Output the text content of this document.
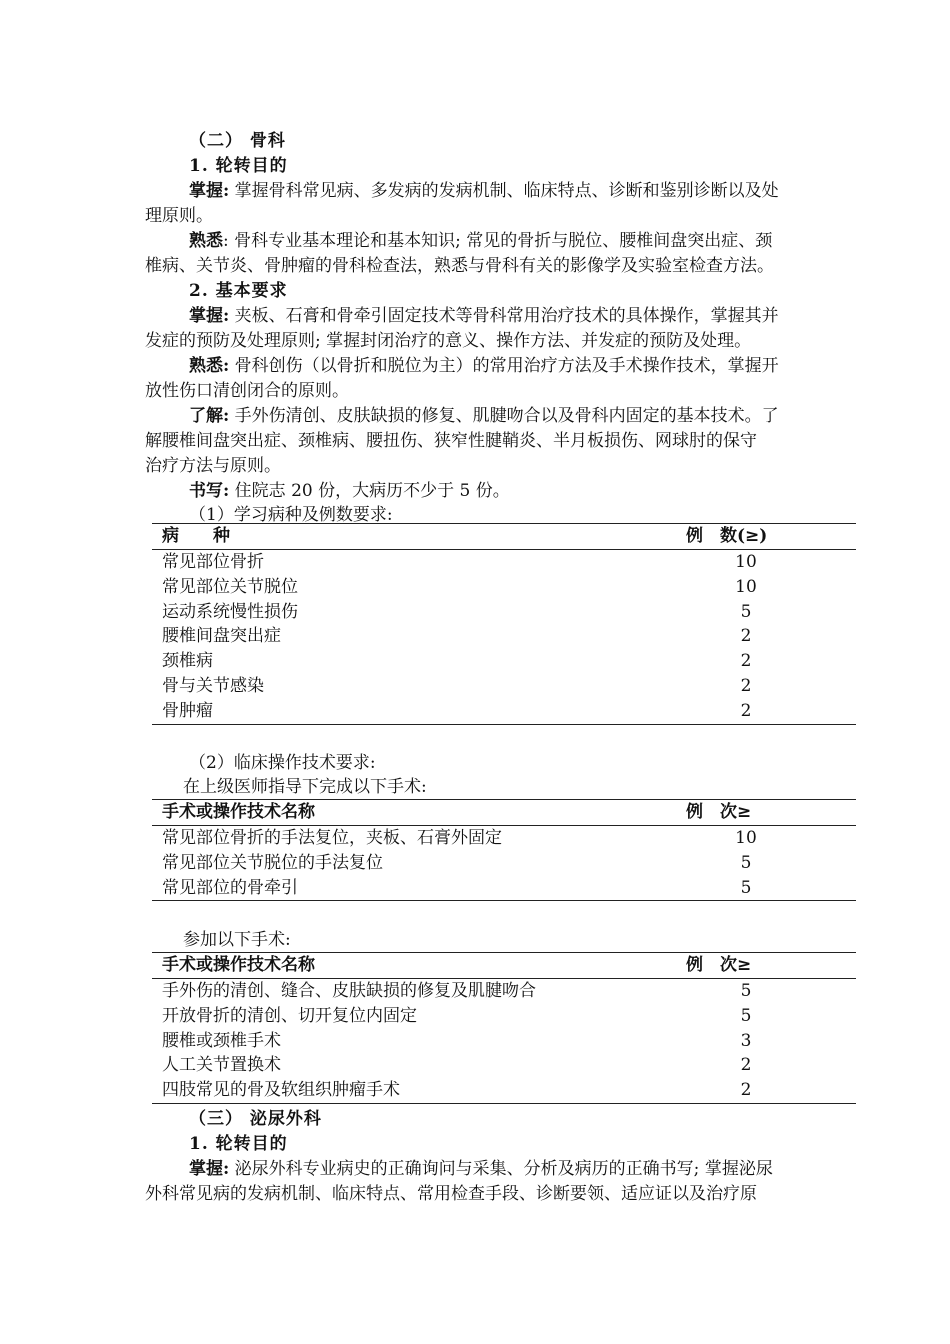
（二） 骨科
1. 轮转目的
掌握: 掌握骨科常见病、多发病的发病机制、临床特点、诊断和鉴别诊断以及处
理原则。
熟悉: 骨科专业基本理论和基本知识; 常见的骨折与脱位、腰椎间盘突出症、颈
椎病、关节炎、骨肿瘤的骨科检查法，熟悉与骨科有关的影像学及实验室检查方法。
2. 基本要求
掌握: 夹板、石膏和骨牵引固定技术等骨科常用治疗技术的具体操作，掌握其并
发症的预防及处理原则; 掌握封闭治疗的意义、操作方法、并发症的预防及处理。
熟悉: 骨科创伤（以骨折和脱位为主）的常用治疗方法及手术操作技术，掌握开
放性伤口清创闭合的原则。
了解: 手外伤清创、皮肤缺损的修复、肌腱吻合以及骨科内固定的基本技术。了
解腰椎间盘突出症、颈椎病、腰扭伤、狭窄性腱鞘炎、半月板损伤、网球肘的保守
治疗方法与原则。
书写: 住院志 20 份，大病历不少于 5 份。
（1）学习病种及例数要求:
病　　种	例　数(≥)
常见部位骨折	10
常见部位关节脱位	10
运动系统慢性损伤	5
腰椎间盘突出症	2
颈椎病	2
骨与关节感染	2
骨肿瘤	2
（2）临床操作技术要求:
在上级医师指导下完成以下手术:
手术或操作技术名称	例　次≥
常见部位骨折的手法复位，夹板、石膏外固定	10
常见部位关节脱位的手法复位	5
常见部位的骨牵引	5
参加以下手术:
手术或操作技术名称	例　次≥
手外伤的清创、缝合、皮肤缺损的修复及肌腱吻合	5
开放骨折的清创、切开复位内固定	5
腰椎或颈椎手术	3
人工关节置换术	2
四肢常见的骨及软组织肿瘤手术	2
（三） 泌尿外科
1. 轮转目的
掌握: 泌尿外科专业病史的正确询问与采集、分析及病历的正确书写; 掌握泌尿
外科常见病的发病机制、临床特点、常用检查手段、诊断要领、适应证以及治疗原
